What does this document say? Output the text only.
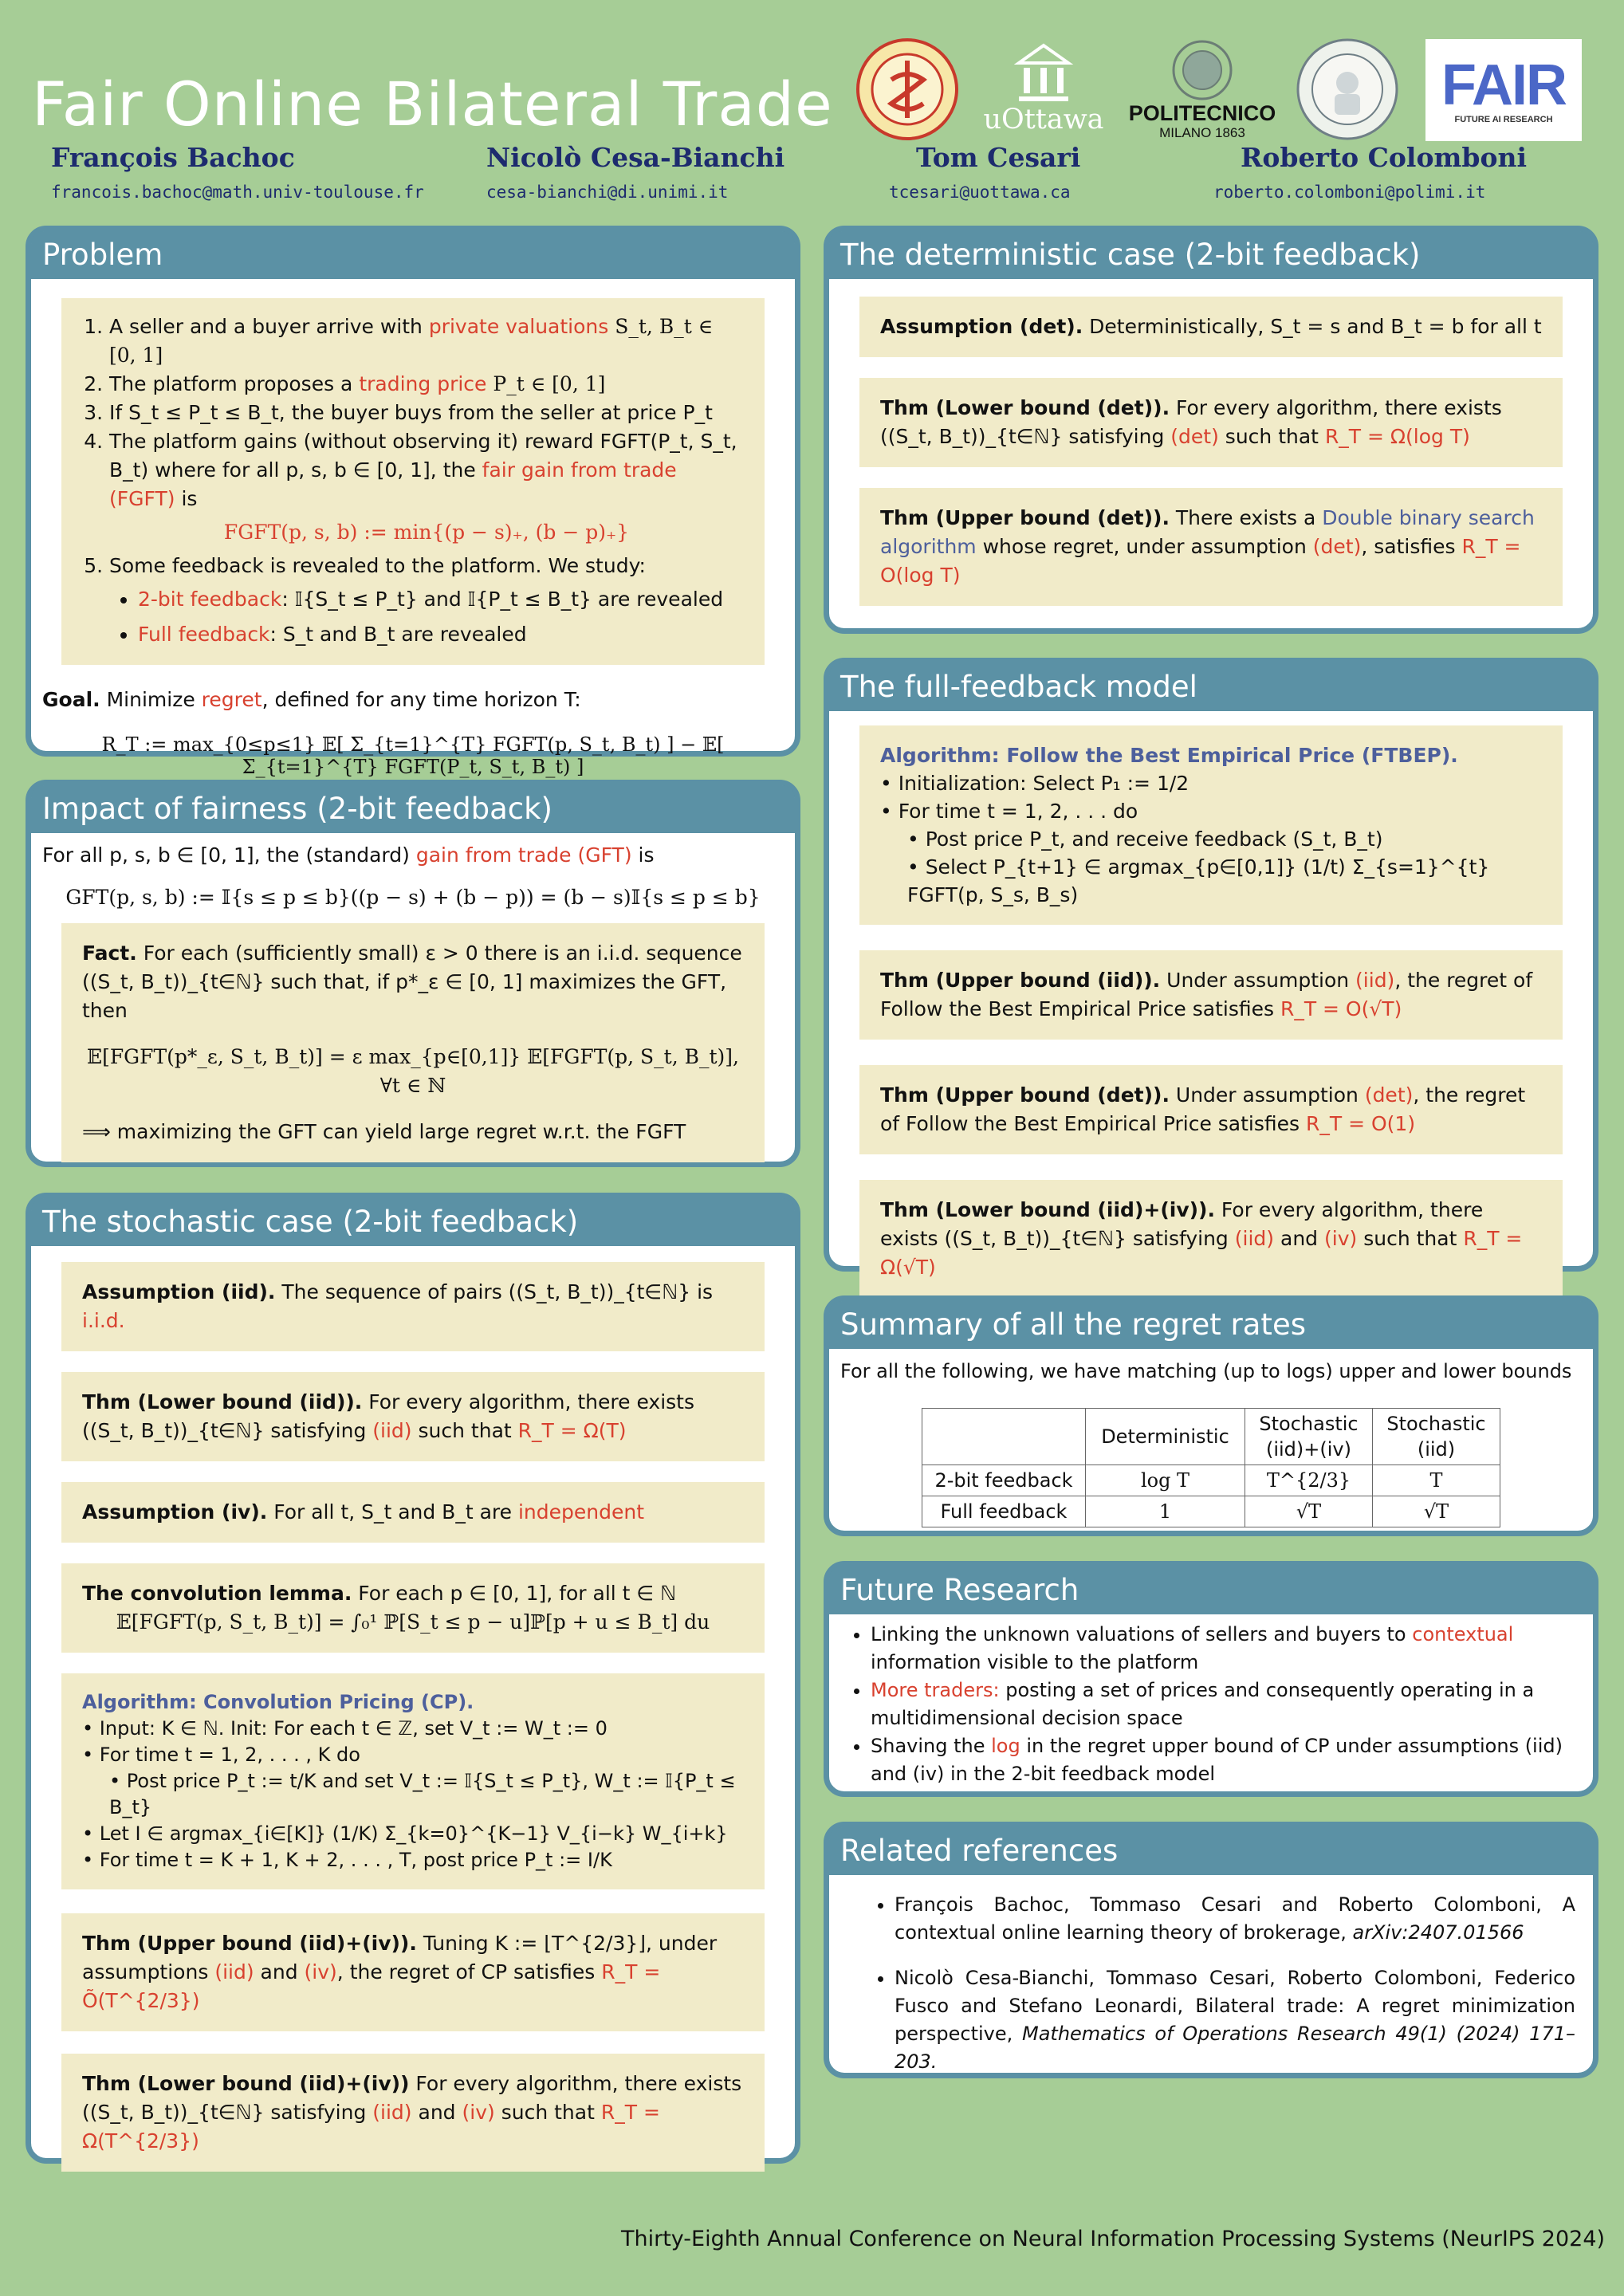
Fair Online Bilateral Trade
François Bachoc	Nicolò Cesa-Bianchi	Tom Cesari	Roberto Colomboni
francois.bachoc@math.univ-toulouse.fr	cesa-bianchi@di.unimi.it	tcesari@uottawa.ca	roberto.colomboni@polimi.it
uOttawa POLITECNICO
MILANO 1863
FAIR
FUTURE AI RESEARCH
Problem
1. A seller and a buyer arrive with private valuations S_t, B_t ∈ [0, 1]
2. The platform proposes a trading price P_t ∈ [0, 1]
3. If S_t ≤ P_t ≤ B_t, the buyer buys from the seller at price P_t
4. The platform gains (without observing it) reward FGFT(P_t, S_t, B_t) where for all p, s, b ∈ [0, 1], the fair gain from trade (FGFT) is
FGFT(p, s, b) := min{(p − s)₊, (b − p)₊}
5. Some feedback is revealed to the platform. We study:
• 2-bit feedback: 𝕀{S_t ≤ P_t} and 𝕀{P_t ≤ B_t} are revealed
• Full feedback: S_t and B_t are revealed
Goal. Minimize regret, defined for any time horizon T:
R_T := max_{0≤p≤1} 𝔼[ Σ_{t=1}^{T} FGFT(p, S_t, B_t) ] − 𝔼[ Σ_{t=1}^{T} FGFT(P_t, S_t, B_t) ]
Impact of fairness (2-bit feedback)
For all p, s, b ∈ [0, 1], the (standard) gain from trade (GFT) is
GFT(p, s, b) := 𝕀{s ≤ p ≤ b}((p − s) + (b − p)) = (b − s)𝕀{s ≤ p ≤ b}
Fact. For each (sufficiently small) ε > 0 there is an i.i.d. sequence ((S_t, B_t))_{t∈ℕ} such that, if p*_ε ∈ [0, 1] maximizes the GFT, then
𝔼[FGFT(p*_ε, S_t, B_t)] = ε max_{p∈[0,1]} 𝔼[FGFT(p, S_t, B_t)], ∀t ∈ ℕ
⟹ maximizing the GFT can yield large regret w.r.t. the FGFT
The stochastic case (2-bit feedback)
Assumption (iid). The sequence of pairs ((S_t, B_t))_{t∈ℕ} is i.i.d.
Thm (Lower bound (iid)). For every algorithm, there exists ((S_t, B_t))_{t∈ℕ} satisfying (iid) such that R_T = Ω(T)
Assumption (iv). For all t, S_t and B_t are independent
The convolution lemma. For each p ∈ [0, 1], for all t ∈ ℕ
𝔼[FGFT(p, S_t, B_t)] = ∫₀¹ ℙ[S_t ≤ p − u]ℙ[p + u ≤ B_t] du
Algorithm: Convolution Pricing (CP).
• Input: K ∈ ℕ. Init: For each t ∈ ℤ, set V_t := W_t := 0
• For time t = 1, 2, . . . , K do
• Post price P_t := t/K and set V_t := 𝕀{S_t ≤ P_t}, W_t := 𝕀{P_t ≤ B_t}
• Let I ∈ argmax_{i∈[K]} (1/K) Σ_{k=0}^{K−1} V_{i−k} W_{i+k}
• For time t = K + 1, K + 2, . . . , T, post price P_t := I/K
Thm (Upper bound (iid)+(iv)). Tuning K := ⌊T^{2/3}⌋, under assumptions (iid) and (iv), the regret of CP satisfies R_T = Õ(T^{2/3})
Thm (Lower bound (iid)+(iv)) For every algorithm, there exists ((S_t, B_t))_{t∈ℕ} satisfying (iid) and (iv) such that R_T = Ω(T^{2/3})
The deterministic case (2-bit feedback)
Assumption (det). Deterministically, S_t = s and B_t = b for all t
Thm (Lower bound (det)). For every algorithm, there exists ((S_t, B_t))_{t∈ℕ} satisfying (det) such that R_T = Ω(log T)
Thm (Upper bound (det)). There exists a Double binary search algorithm whose regret, under assumption (det), satisfies R_T = O(log T)
The full-feedback model
Algorithm: Follow the Best Empirical Price (FTBEP).
• Initialization: Select P₁ := 1/2
• For time t = 1, 2, . . . do
• Post price P_t, and receive feedback (S_t, B_t)
• Select P_{t+1} ∈ argmax_{p∈[0,1]} (1/t) Σ_{s=1}^{t} FGFT(p, S_s, B_s)
Thm (Upper bound (iid)). Under assumption (iid), the regret of Follow the Best Empirical Price satisfies R_T = O(√T)
Thm (Upper bound (det)). Under assumption (det), the regret of Follow the Best Empirical Price satisfies R_T = O(1)
Thm (Lower bound (iid)+(iv)). For every algorithm, there exists ((S_t, B_t))_{t∈ℕ} satisfying (iid) and (iv) such that R_T = Ω(√T)
Summary of all the regret rates
For all the following, we have matching (up to logs) upper and lower bounds
	Deterministic	Stochastic (iid)+(iv)	Stochastic (iid)
2-bit feedback	log T	T^{2/3}	T
Full feedback	1	√T	√T
Future Research
• Linking the unknown valuations of sellers and buyers to contextual information visible to the platform
• More traders: posting a set of prices and consequently operating in a multidimensional decision space
• Shaving the log in the regret upper bound of CP under assumptions (iid) and (iv) in the 2-bit feedback model
Related references
• François Bachoc, Tommaso Cesari and Roberto Colomboni, A contextual online learning theory of brokerage, arXiv:2407.01566
• Nicolò Cesa-Bianchi, Tommaso Cesari, Roberto Colomboni, Federico Fusco and Stefano Leonardi, Bilateral trade: A regret minimization perspective, Mathematics of Operations Research 49(1) (2024) 171–203.
Thirty-Eighth Annual Conference on Neural Information Processing Systems (NeurIPS 2024)
